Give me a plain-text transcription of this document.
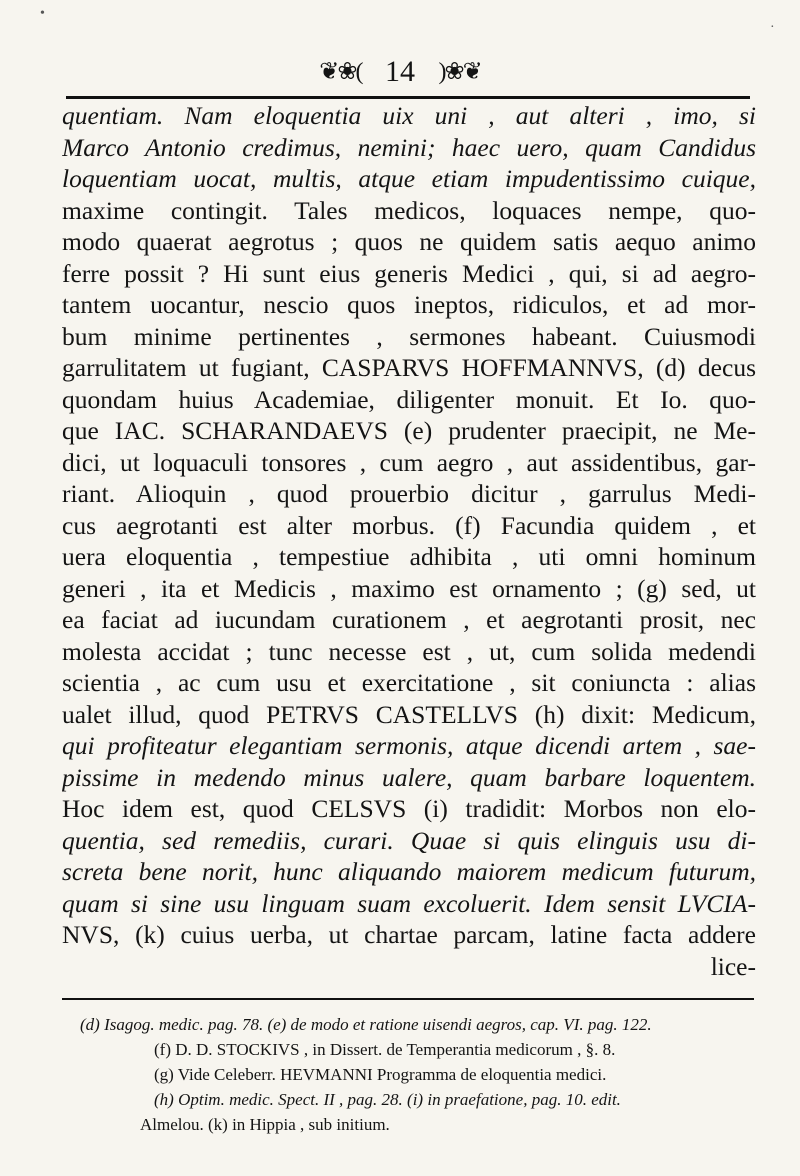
•
·
❦❀( 14 )❀❦
quentiam. Nam eloquentia uix uni , aut alteri , imo, si
Marco Antonio credimus, nemini; haec uero, quam Candidus
loquentiam uocat, multis, atque etiam impudentissimo cuique,
maxime contingit. Tales medicos, loquaces nempe, quo-
modo quaerat aegrotus ; quos ne quidem satis aequo animo
ferre possit ? Hi sunt eius generis Medici , qui, si ad aegro-
tantem uocantur, nescio quos ineptos, ridiculos, et ad mor-
bum minime pertinentes , sermones habeant. Cuiusmodi
garrulitatem ut fugiant, CASPARVS HOFFMANNVS, (d) decus
quondam huius Academiae, diligenter monuit. Et Io. quo-
que IAC. SCHARANDAEVS (e) prudenter praecipit, ne Me-
dici, ut loquaculi tonsores , cum aegro , aut assidentibus, gar-
riant. Alioquin , quod prouerbio dicitur , garrulus Medi-
cus aegrotanti est alter morbus. (f) Facundia quidem , et
uera eloquentia , tempestiue adhibita , uti omni hominum
generi , ita et Medicis , maximo est ornamento ; (g) sed, ut
ea faciat ad iucundam curationem , et aegrotanti prosit, nec
molesta accidat ; tunc necesse est , ut, cum solida medendi
scientia , ac cum usu et exercitatione , sit coniuncta : alias
ualet illud, quod PETRVS CASTELLVS (h) dixit: Medicum,
qui profiteatur elegantiam sermonis, atque dicendi artem , sae-
pissime in medendo minus ualere, quam barbare loquentem.
Hoc idem est, quod CELSVS (i) tradidit: Morbos non elo-
quentia, sed remediis, curari. Quae si quis elinguis usu di-
screta bene norit, hunc aliquando maiorem medicum futurum,
quam si sine usu linguam suam excoluerit. Idem sensit LVCIA-
NVS, (k) cuius uerba, ut chartae parcam, latine facta addere
lice-
(d) Isagog. medic. pag. 78. (e) de modo et ratione uisendi aegros, cap. VI. pag. 122.
(f) D. D. STOCKIVS , in Dissert. de Temperantia medicorum , §. 8.
(g) Vide Celeberr. HEVMANNI Programma de eloquentia medici.
(h) Optim. medic. Spect. II , pag. 28. (i) in praefatione, pag. 10. edit.
Almelou. (k) in Hippia , sub initium.
